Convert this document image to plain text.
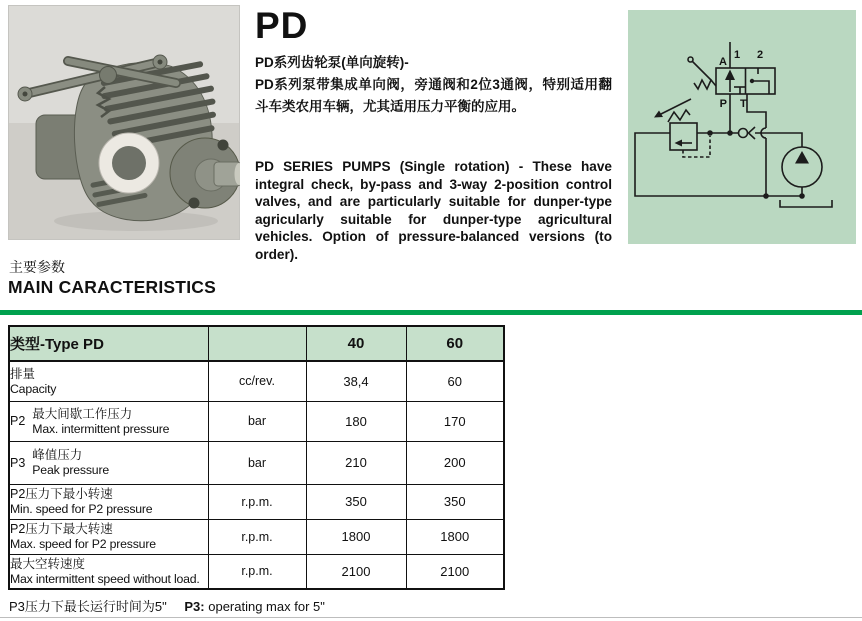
PD
PD系列齿轮泵(单向旋转)-
PD系列泵带集成单向阀，旁通阀和2位3通阀，特别适用翻斗车类农用车辆，尤其适用压力平衡的应用。
PD SERIES PUMPS (Single rotation) - These have integral check, by-pass and 3-way 2-position control valves, and are particularly suitable for dunper-type agricularly suitable for dunper-type agricultural vehicles. Option of pressure-balanced versions (to order).
A
P T
1 2
主要参数
MAIN CARACTERISTICS
类型-Type PD		40	60

排量
Capacity	cc/rev.	38,4	60

P2
最大间歇工作压力
Max. intermittent pressure	bar	180	170

P3
峰值压力
Peak pressure	bar	210	200

P2压力下最小转速
Min. speed for P2 pressure	r.p.m.	350	350

P2压力下最大转速
Max. speed for P2 pressure	r.p.m.	1800	1800

最大空转速度
Max intermittent speed without load.	r.p.m.	2100	2100
P3压力下最长运行时间为5" P3: operating max for 5"
